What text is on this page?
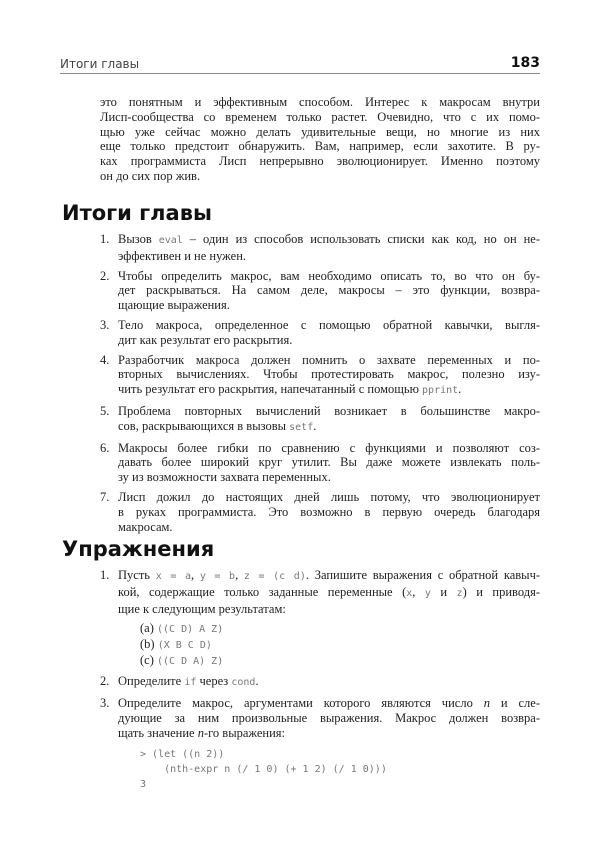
Итоги главы	183
это понятным и эффективным способом. Интерес к макросам внутри
Лисп-сообщества со временем только растет. Очевидно, что с их помо-
щью уже сейчас можно делать удивительные вещи, но многие из них
еще только предстоит обнаружить. Вам, например, если захотите. В ру-
ках программиста Лисп непрерывно эволюционирует. Именно поэтому
он до сих пор жив.
Итоги главы
1. Вызов eval – один из способов использовать списки как код, но он не-
эффективен и не нужен.
2. Чтобы определить макрос, вам необходимо описать то, во что он бу-
дет раскрываться. На самом деле, макросы – это функции, возвра-
щающие выражения.
3. Тело макроса, определенное с помощью обратной кавычки, выгля-
дит как результат его раскрытия.
4. Разработчик макроса должен помнить о захвате переменных и по-
вторных вычислениях. Чтобы протестировать макрос, полезно изу-
чить результат его раскрытия, напечатанный с помощью pprint.
5. Проблема повторных вычислений возникает в большинстве макро-
сов, раскрывающихся в вызовы setf.
6. Макросы более гибки по сравнению с функциями и позволяют соз-
давать более широкий круг утилит. Вы даже можете извлекать поль-
зу из возможности захвата переменных.
7. Лисп дожил до настоящих дней лишь потому, что эволюционирует
в руках программиста. Это возможно в первую очередь благодаря
макросам.
Упражнения
1. Пусть x = a, y = b, z = (c d). Запишите выражения с обратной кавыч-
кой, содержащие только заданные переменные (x, y и z) и приводя-
щие к следующим результатам:
(a) ((C D) A Z)
(b) (X B C D)
(c) ((C D A) Z)
2. Определите if через cond.
3. Определите макрос, аргументами которого являются число n и сле-
дующие за ним произвольные выражения. Макрос должен возвра-
щать значение n-го выражения:
> (let ((n 2))
(nth-expr n (/ 1 0) (+ 1 2) (/ 1 0)))
3
